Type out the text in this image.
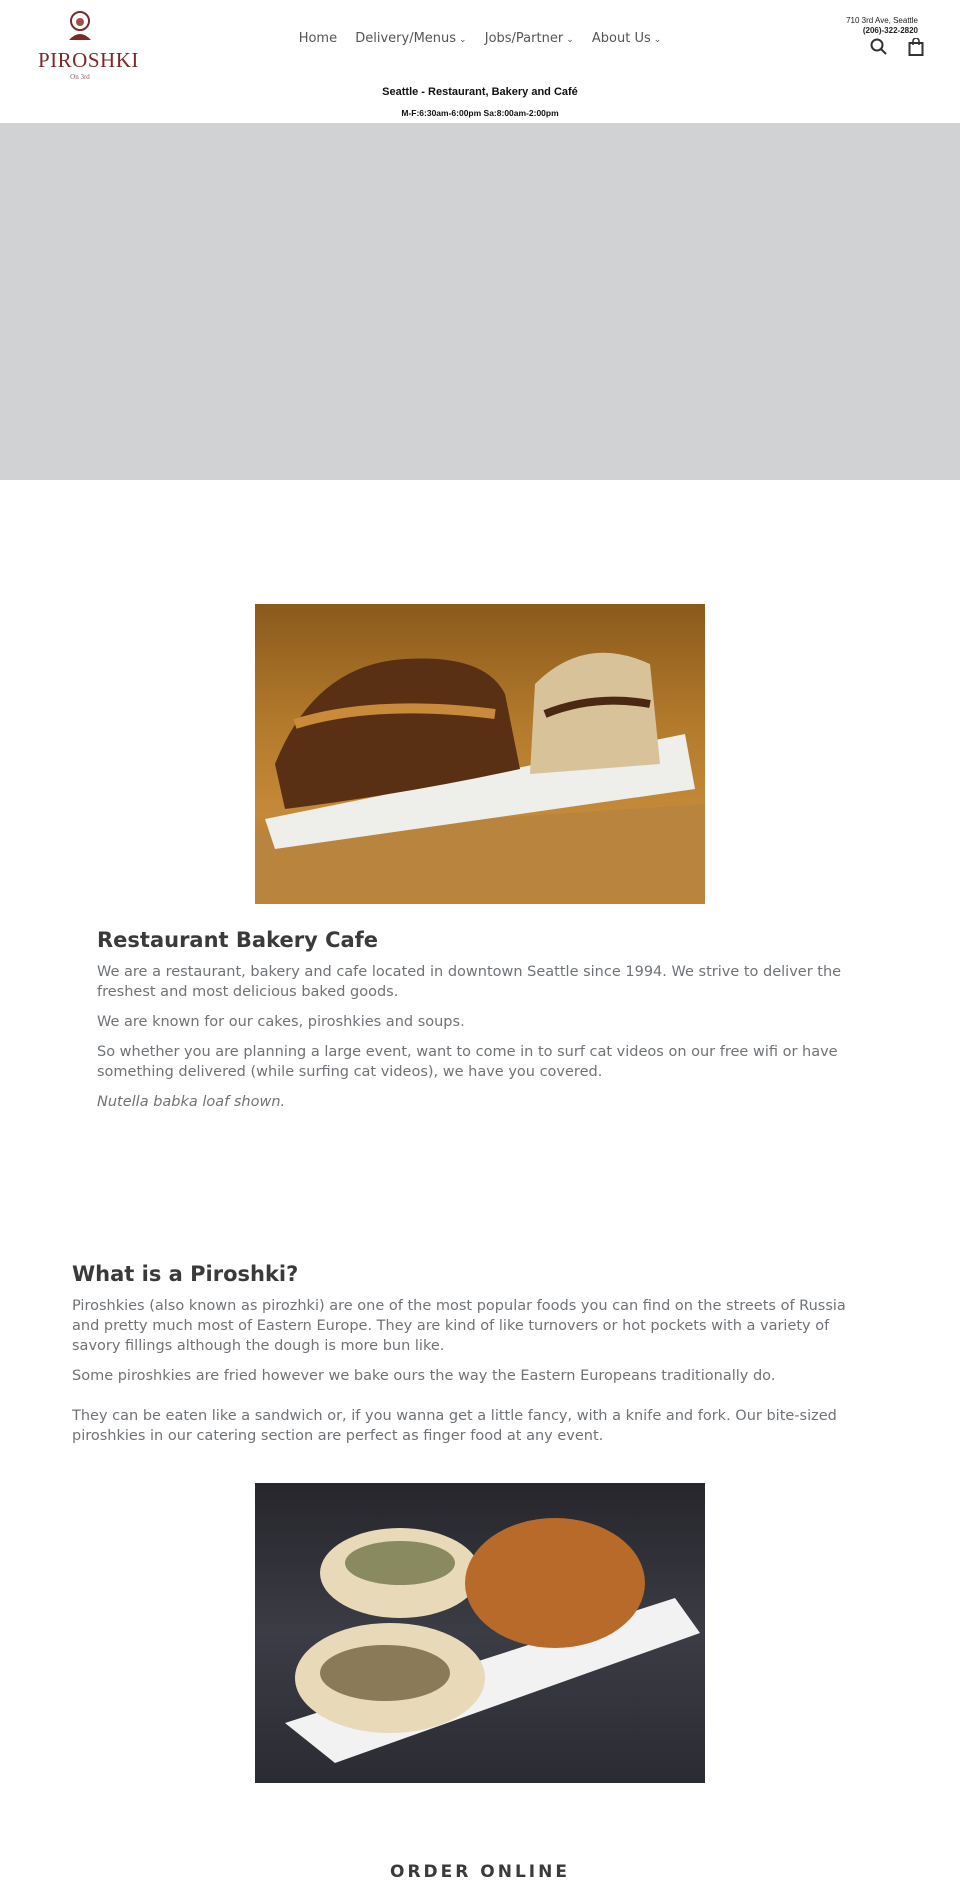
PIROSHKI
On 3rd
Home Delivery/Menus ⌄ Jobs/Partner ⌄ About Us ⌄
710 3rd Ave, Seattle
(206)-322-2820

Seattle - Restaurant, Bakery and Café
M-F:6:30am-6:00pm Sa:8:00am-2:00pm
Restaurant Bakery Cafe

We are a restaurant, bakery and cafe located in downtown Seattle since 1994. We strive to deliver the freshest and most delicious baked goods.

We are known for our cakes, piroshkies and soups.

So whether you are planning a large event, want to come in to surf cat videos on our free wifi or have something delivered (while surfing cat videos), we have you covered.

Nutella babka loaf shown.

What is a Piroshki?

Piroshkies (also known as pirozhki) are one of the most popular foods you can find on the streets of Russia and pretty much most of Eastern Europe. They are kind of like turnovers or hot pockets with a variety of savory fillings although the dough is more bun like.

Some piroshkies are fried however we bake ours the way the Eastern Europeans traditionally do.

They can be eaten like a sandwich or, if you wanna get a little fancy, with a knife and fork. Our bite-sized piroshkies in our catering section are perfect as finger food at any event.

ORDER ONLINE
